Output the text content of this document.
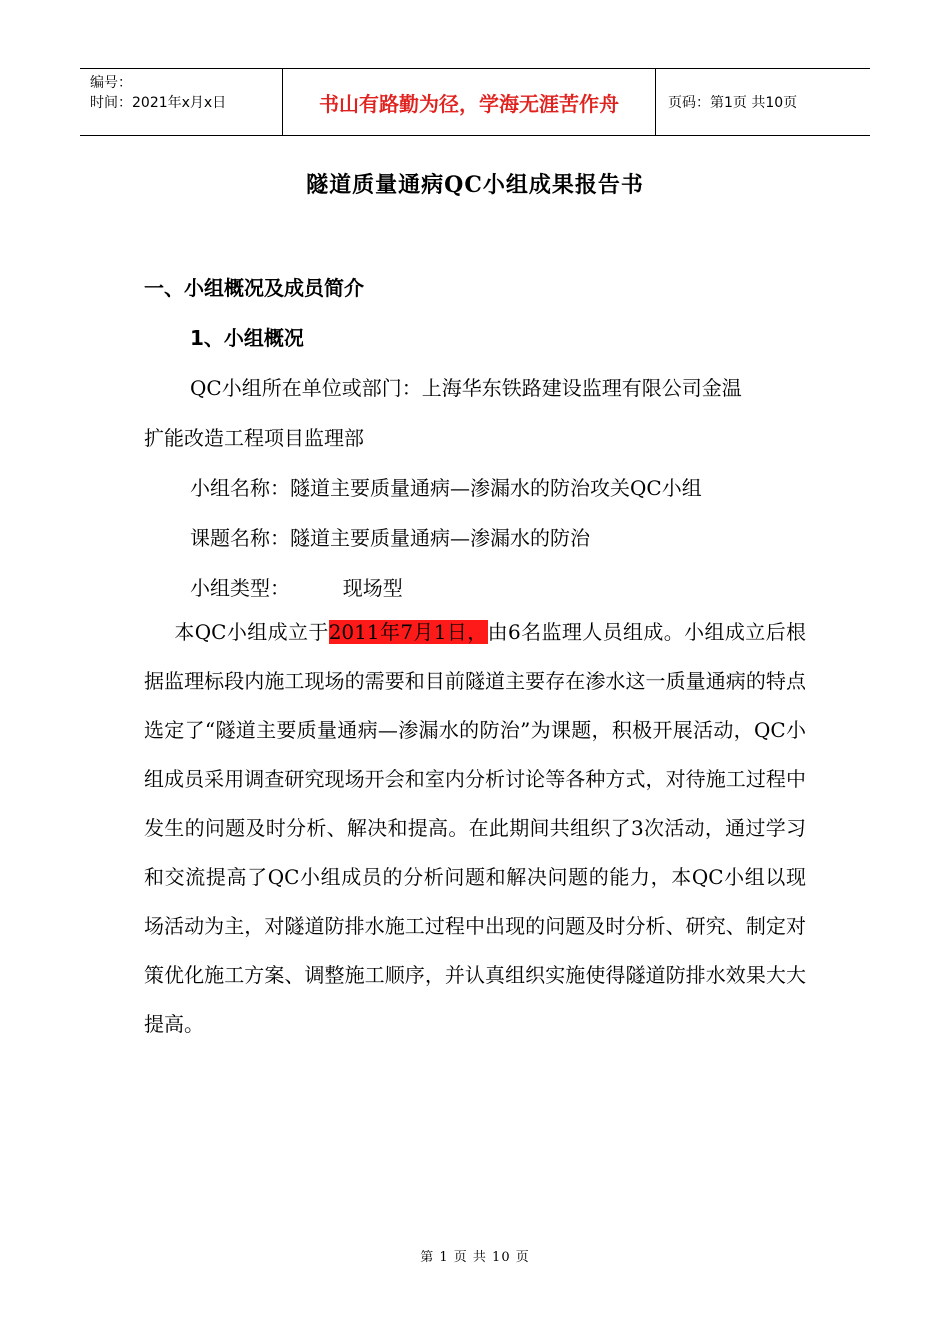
编号：
时间：2021年x月x日	书山有路勤为径，学海无涯苦作舟	页码：第1页 共10页
隧道质量通病QC小组成果报告书
一、小组概况及成员简介
1、小组概况
QC小组所在单位或部门：上海华东铁路建设监理有限公司金温
扩能改造工程项目监理部
小组名称：隧道主要质量通病—渗漏水的防治攻关QC小组
课题名称：隧道主要质量通病—渗漏水的防治
小组类型：	现场型
本QC小组成立于2011年7月1日，由6名监理人员组成。小组成立后根据监理标段内施工现场的需要和目前隧道主要存在渗水这一质量通病的特点选定了“隧道主要质量通病—渗漏水的防治”为课题，积极开展活动，QC小组成员采用调查研究现场开会和室内分析讨论等各种方式，对待施工过程中发生的问题及时分析、解决和提高。在此期间共组织了3次活动，通过学习和交流提高了QC小组成员的分析问题和解决问题的能力，本QC小组以现场活动为主，对隧道防排水施工过程中出现的问题及时分析、研究、制定对策优化施工方案、调整施工顺序，并认真组织实施使得隧道防排水效果大大提高。
第 1 页 共 10 页
